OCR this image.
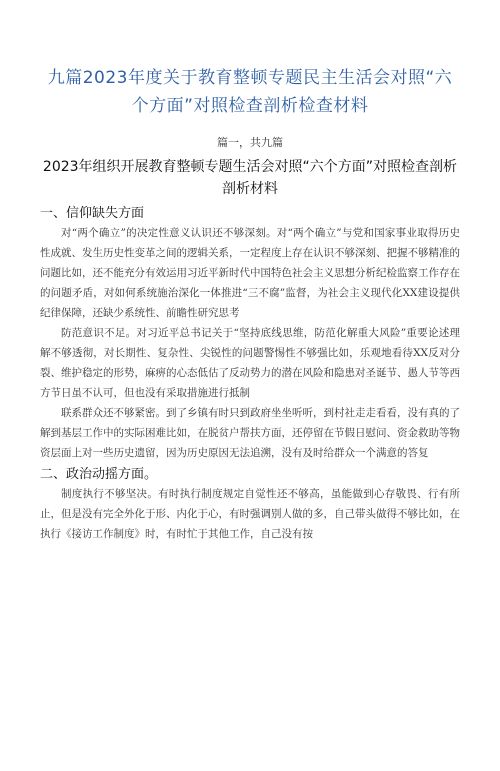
九篇2023年度关于教育整顿专题民主生活会对照“六个方面”对照检查剖析检查材料
篇一，共九篇
2023年组织开展教育整顿专题生活会对照“六个方面”对照检查剖析剖析材料
一、信仰缺失方面

对“两个确立”的决定性意义认识还不够深刻。对“两个确立”与党和国家事业取得历史性成就、发生历史性变革之间的逻辑关系，一定程度上存在认识不够深刻、把握不够精准的问题比如，还不能充分有效运用习近平新时代中国特色社会主义思想分析纪检监察工作存在的问题矛盾，对如何系统施治深化一体推进“三不腐”监督，为社会主义现代化XX建设提供纪律保障，还缺少系统性、前瞻性研究思考

防范意识不足。对习近平总书记关于“坚持底线思维，防范化解重大风险”重要论述理解不够透彻，对长期性、复杂性、尖锐性的问题警惕性不够强比如，乐观地看待XX反对分裂、维护稳定的形势，麻痹的心态低估了反动势力的潜在风险和隐患对圣诞节、愚人节等西方节日虽不认可，但也没有采取措施进行抵制

联系群众还不够紧密。到了乡镇有时只到政府坐坐听听，到村社走走看看，没有真的了解到基层工作中的实际困难比如，在脱贫户帮扶方面，还停留在节假日慰问、资金救助等物资层面上对一些历史遗留，因为历史原因无法追溯，没有及时给群众一个满意的答复

二、政治动摇方面。

制度执行不够坚决。有时执行制度规定自觉性还不够高，虽能做到心存敬畏、行有所止，但是没有完全外化于形、内化于心，有时强调别人做的多，自己带头做得不够比如，在执行《接访工作制度》时，有时忙于其他工作，自己没有按
